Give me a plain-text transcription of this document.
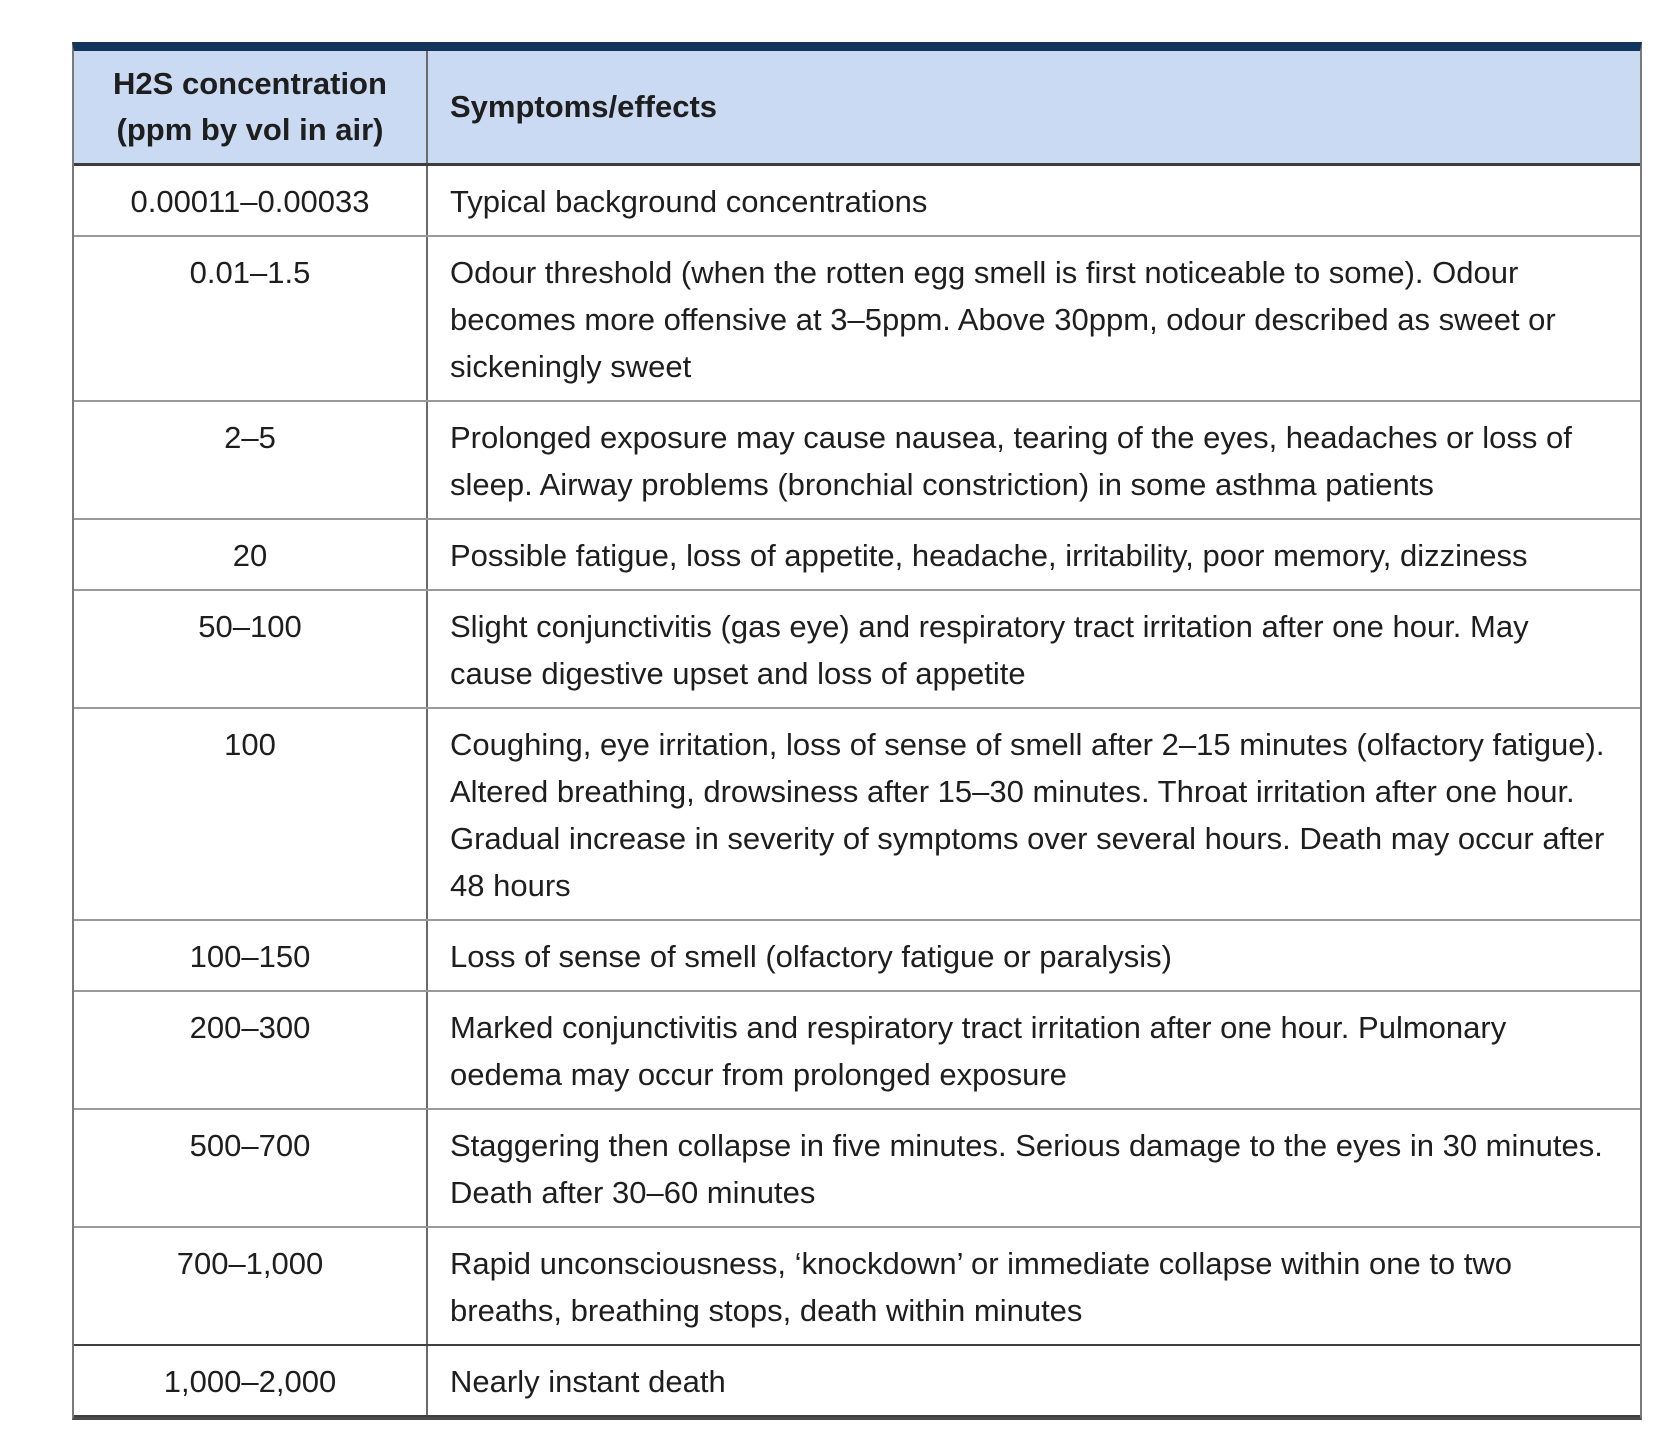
H2S concentration
(ppm by vol in air)	Symptoms/effects
0.00011–0.00033	Typical background concentrations
0.01–1.5	Odour threshold (when the rotten egg smell is first noticeable to some). Odour becomes more offensive at 3–5ppm. Above 30ppm, odour described as sweet or sickeningly sweet
2–5	Prolonged exposure may cause nausea, tearing of the eyes, headaches or loss of sleep. Airway problems (bronchial constriction) in some asthma patients
20	Possible fatigue, loss of appetite, headache, irritability, poor memory, dizziness
50–100	Slight conjunctivitis (gas eye) and respiratory tract irritation after one hour. May cause digestive upset and loss of appetite
100	Coughing, eye irritation, loss of sense of smell after 2–15 minutes (olfactory fatigue). Altered breathing, drowsiness after 15–30 minutes. Throat irritation after one hour. Gradual increase in severity of symptoms over several hours. Death may occur after 48 hours
100–150	Loss of sense of smell (olfactory fatigue or paralysis)
200–300	Marked conjunctivitis and respiratory tract irritation after one hour. Pulmonary oedema may occur from prolonged exposure
500–700	Staggering then collapse in five minutes. Serious damage to the eyes in 30 minutes. Death after 30–60 minutes
700–1,000	Rapid unconsciousness, ‘knockdown’ or immediate collapse within one to two breaths, breathing stops, death within minutes
1,000–2,000	Nearly instant death
